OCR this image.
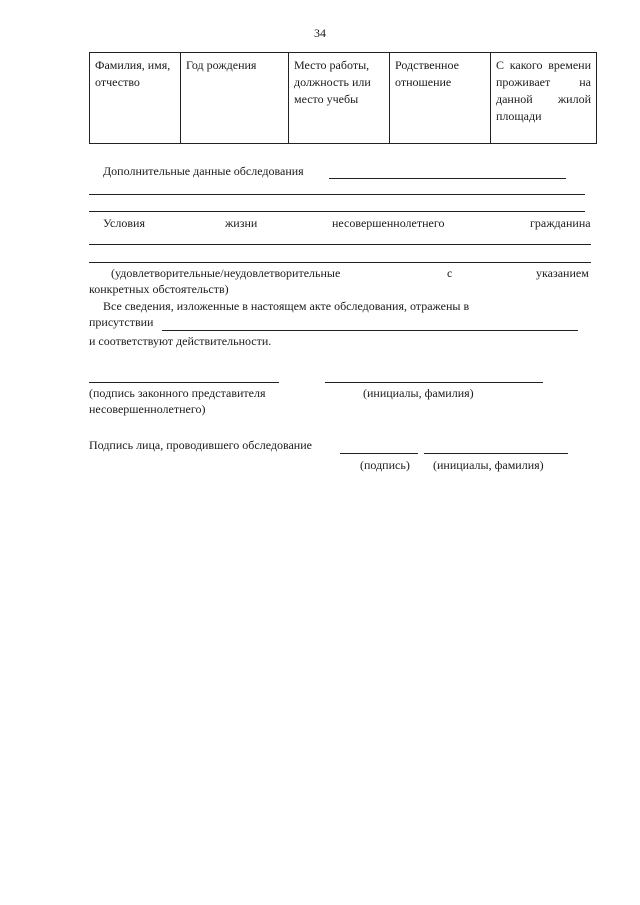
34
Фамилия, имя, отчество	Год рождения	Место работы, должность или место учебы	Родственное отношение	С какого времени проживает на данной жилой площади
Дополнительные данные обследования
Условия	жизни	несовершеннолетнего	гражданина
(удовлетворительные/неудовлетворительные	с	указанием
конкретных обстоятельств)
Все сведения, изложенные в настоящем акте обследования, отражены в
присутствии
и соответствуют действительности.
(подпись законного представителя
несовершеннолетнего)
(инициалы, фамилия)
Подпись лица, проводившего обследование
(подпись) (инициалы, фамилия)
